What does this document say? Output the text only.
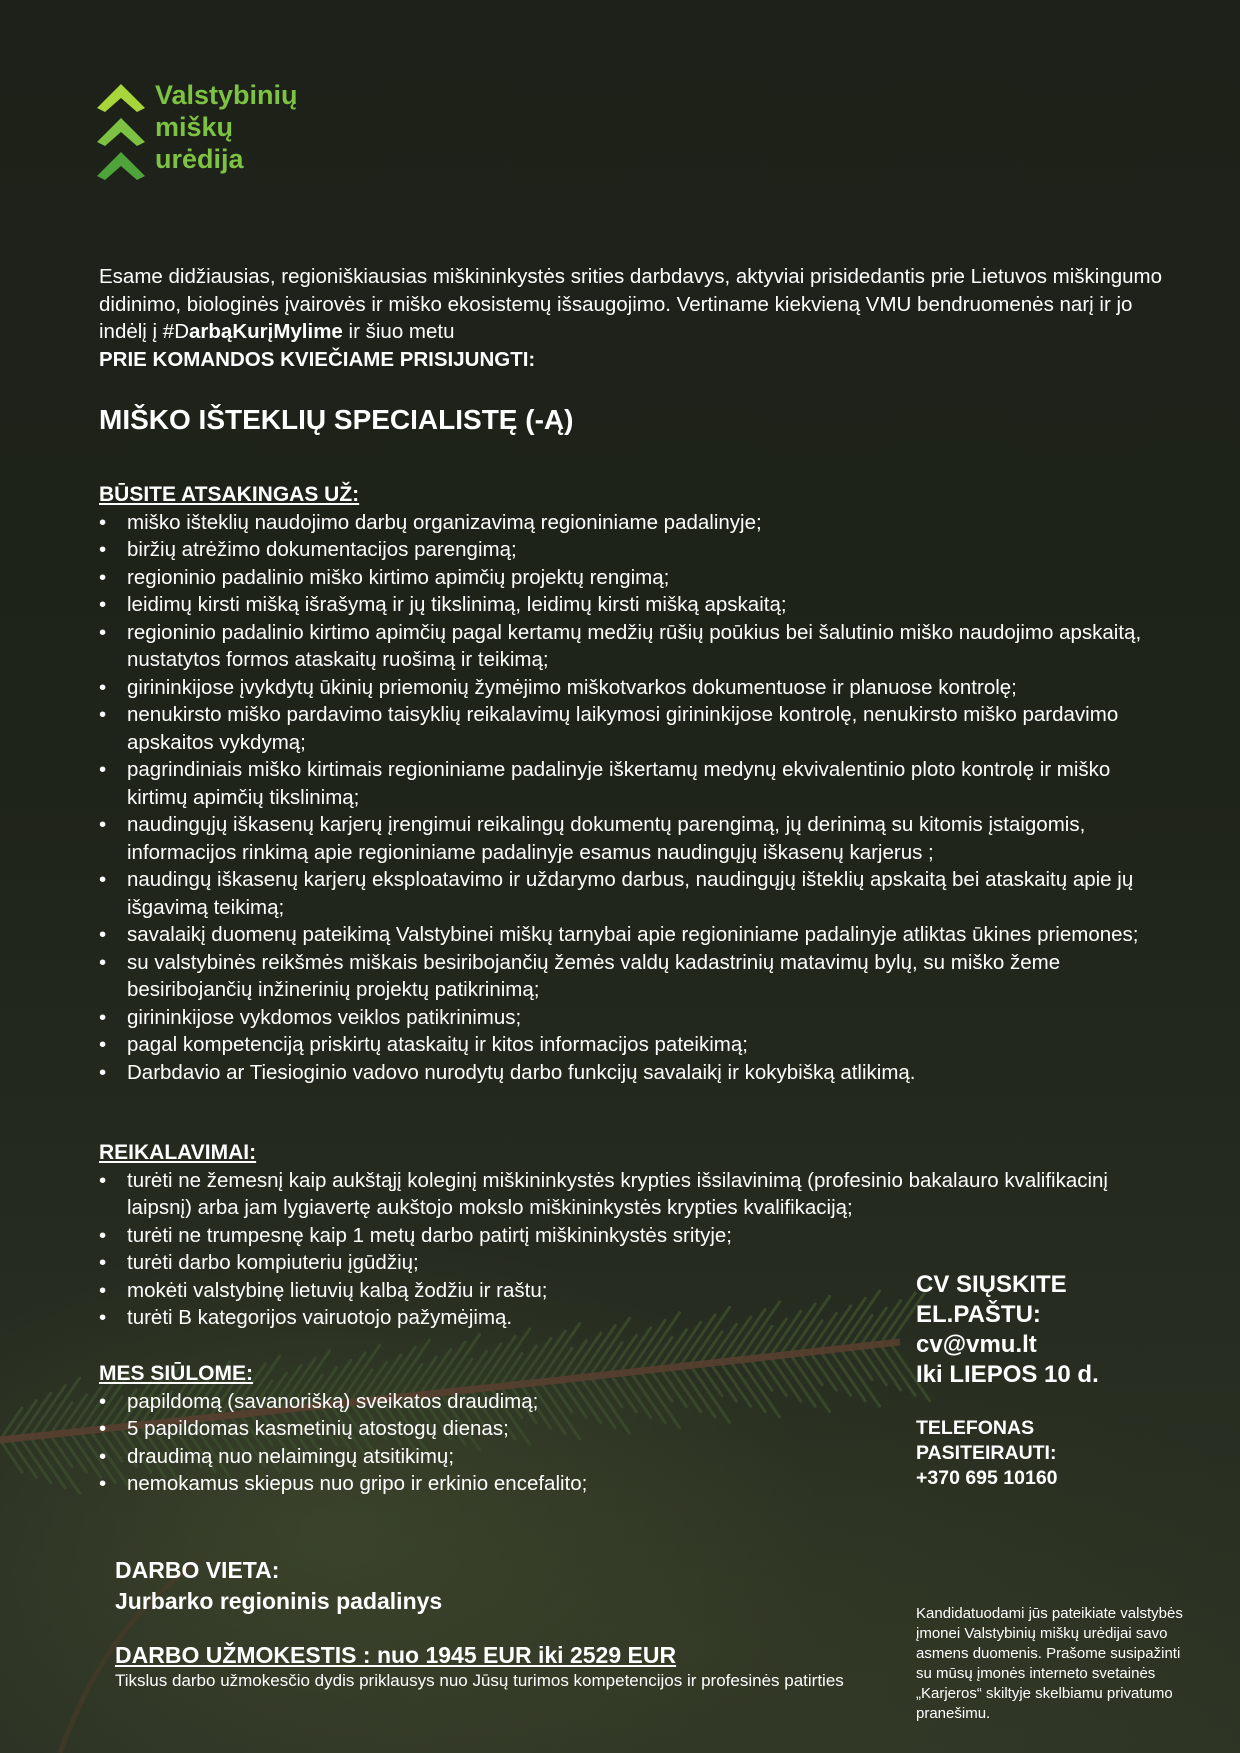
Valstybinių
miškų
urėdija
Esame didžiausias, regioniškiausias miškininkystės srities darbdavys, aktyviai prisidedantis prie Lietuvos miškingumo didinimo, biologinės įvairovės ir miško ekosistemų išsaugojimo. Vertiname kiekvieną VMU bendruomenės narį ir jo indėlį į #DarbąKurįMylime ir šiuo metu
PRIE KOMANDOS KVIEČIAME PRISIJUNGTI:
MIŠKO IŠTEKLIŲ SPECIALISTĘ (-Ą)
BŪSITE ATSAKINGAS UŽ:
• miško išteklių naudojimo darbų organizavimą regioniniame padalinyje;
• biržių atrėžimo dokumentacijos parengimą;
• regioninio padalinio miško kirtimo apimčių projektų rengimą;
• leidimų kirsti mišką išrašymą ir jų tikslinimą, leidimų kirsti mišką apskaitą;
• regioninio padalinio kirtimo apimčių pagal kertamų medžių rūšių poūkius bei šalutinio miško naudojimo apskaitą, nustatytos formos ataskaitų ruošimą ir teikimą;
• girininkijose įvykdytų ūkinių priemonių žymėjimo miškotvarkos dokumentuose ir planuose kontrolę;
• nenukirsto miško pardavimo taisyklių reikalavimų laikymosi girininkijose kontrolę, nenukirsto miško pardavimo apskaitos vykdymą;
• pagrindiniais miško kirtimais regioniniame padalinyje iškertamų medynų ekvivalentinio ploto kontrolę ir miško kirtimų apimčių tikslinimą;
• naudingųjų iškasenų karjerų įrengimui reikalingų dokumentų parengimą, jų derinimą su kitomis įstaigomis, informacijos rinkimą apie regioniniame padalinyje esamus naudingųjų iškasenų karjerus ;
• naudingų iškasenų karjerų eksploatavimo ir uždarymo darbus, naudingųjų išteklių apskaitą bei ataskaitų apie jų išgavimą teikimą;
• savalaikį duomenų pateikimą Valstybinei miškų tarnybai apie regioniniame padalinyje atliktas ūkines priemones;
• su valstybinės reikšmės miškais besiribojančių žemės valdų kadastrinių matavimų bylų, su miško žeme besiribojančių inžinerinių projektų patikrinimą;
• girininkijose vykdomos veiklos patikrinimus;
• pagal kompetenciją priskirtų ataskaitų ir kitos informacijos pateikimą;
• Darbdavio ar Tiesioginio vadovo nurodytų darbo funkcijų savalaikį ir kokybišką atlikimą.
REIKALAVIMAI:
• turėti ne žemesnį kaip aukštąjį koleginį miškininkystės krypties išsilavinimą (profesinio bakalauro kvalifikacinį laipsnį) arba jam lygiavertę aukštojo mokslo miškininkystės krypties kvalifikaciją;
• turėti ne trumpesnę kaip 1 metų darbo patirtį miškininkystės srityje;
• turėti darbo kompiuteriu įgūdžių;
• mokėti valstybinę lietuvių kalbą žodžiu ir raštu;
• turėti B kategorijos vairuotojo pažymėjimą.
MES SIŪLOME:
• papildomą (savanorišką) sveikatos draudimą;
• 5 papildomas kasmetinių atostogų dienas;
• draudimą nuo nelaimingų atsitikimų;
• nemokamus skiepus nuo gripo ir erkinio encefalito;
CV SIŲSKITE
EL.PAŠTU:
cv@vmu.lt
Iki LIEPOS 10 d.
TELEFONAS
PASITEIRAUTI:
+370 695 10160
DARBO VIETA:
Jurbarko regioninis padalinys
DARBO UŽMOKESTIS : nuo 1945 EUR iki 2529 EUR
Tikslus darbo užmokesčio dydis priklausys nuo Jūsų turimos kompetencijos ir profesinės patirties
Kandidatuodami jūs pateikiate valstybės įmonei Valstybinių miškų urėdijai savo asmens duomenis. Prašome susipažinti su mūsų įmonės interneto svetainės „Karjeros“ skiltyje skelbiamu privatumo pranešimu.
